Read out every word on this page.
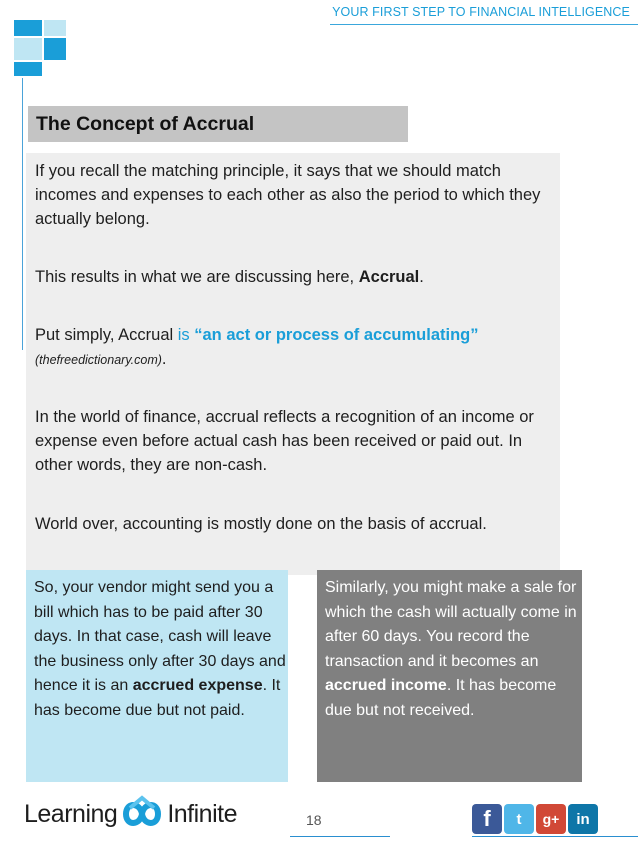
YOUR FIRST STEP TO FINANCIAL INTELLIGENCE
The Concept of Accrual
If you recall the matching principle, it says that we should match incomes and expenses to each other as also the period to which they actually belong.
This results in what we are discussing here, Accrual.
Put simply, Accrual is “an act or process of accumulating” (thefreedictionary.com).
In the world of finance, accrual reflects a recognition of an income or expense even before actual cash has been received or paid out. In other words, they are non-cash.
World over, accounting is mostly done on the basis of accrual.
So, your vendor might send you a bill which has to be paid after 30 days. In that case, cash will leave the business only after 30 days and hence it is an accrued expense. It has become due but not paid.
Similarly, you might make a sale for which the cash will actually come in after 60 days. You record the transaction and it becomes an accrued income. It has become due but not received.
Learning Infinite	18	f	t	g+	in
